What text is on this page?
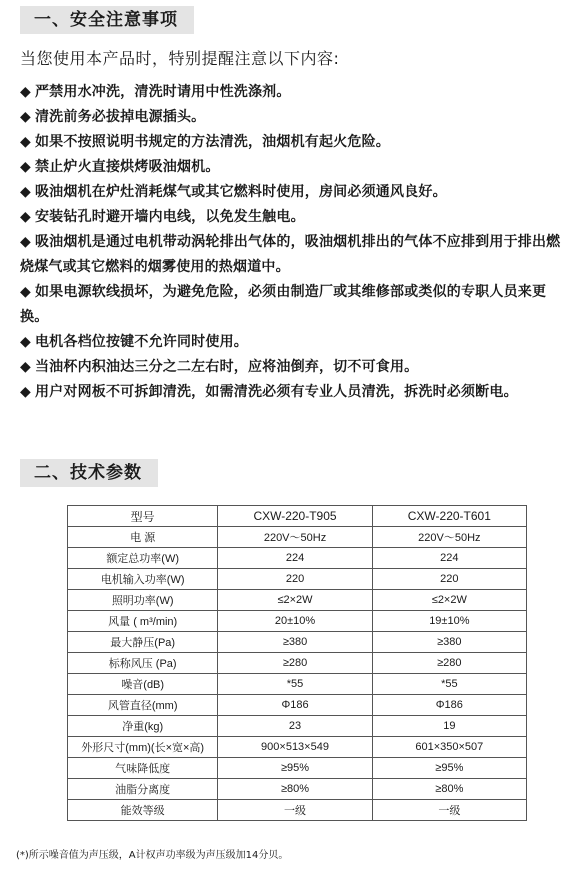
一、安全注意事项
当您使用本产品时，特别提醒注意以下内容:

◆ 严禁用水冲洗，清洗时请用中性洗涤剂。

◆ 清洗前务必拔掉电源插头。

◆ 如果不按照说明书规定的方法清洗，油烟机有起火危险。

◆ 禁止炉火直接烘烤吸油烟机。

◆ 吸油烟机在炉灶消耗煤气或其它燃料时使用，房间必须通风良好。

◆ 安装钻孔时避开墙内电线，以免发生触电。

◆ 吸油烟机是通过电机带动涡轮排出气体的，吸油烟机排出的气体不应排到用于排出燃烧煤气或其它燃料的烟雾使用的热烟道中。

◆ 如果电源软线损坏，为避免危险，必须由制造厂或其维修部或类似的专职人员来更换。

◆ 电机各档位按键不允许同时使用。

◆ 当油杯内积油达三分之二左右时，应将油倒弃，切不可食用。

◆ 用户对网板不可拆卸清洗，如需清洗必须有专业人员清洗，拆洗时必须断电。

二、技术参数
型号	CXW-220-T905	CXW-220-T601
电 源	220V～50Hz	220V～50Hz
额定总功率(W)	224	224
电机输入功率(W)	220	220
照明功率(W)	≤2×2W	≤2×2W
风量 ( m³/min)	20±10%	19±10%
最大静压(Pa)	≥380	≥380
标称风压 (Pa)	≥280	≥280
噪音(dB)	*55	*55
风管直径(mm)	Φ186	Φ186
净重(kg)	23	19
外形尺寸(mm)(长×宽×高)	900×513×549	601×350×507
气味降低度	≥95%	≥95%
油脂分离度	≥80%	≥80%
能效等级	一级	一级
(*)所示噪音值为声压级，A计权声功率级为声压级加14分贝。
